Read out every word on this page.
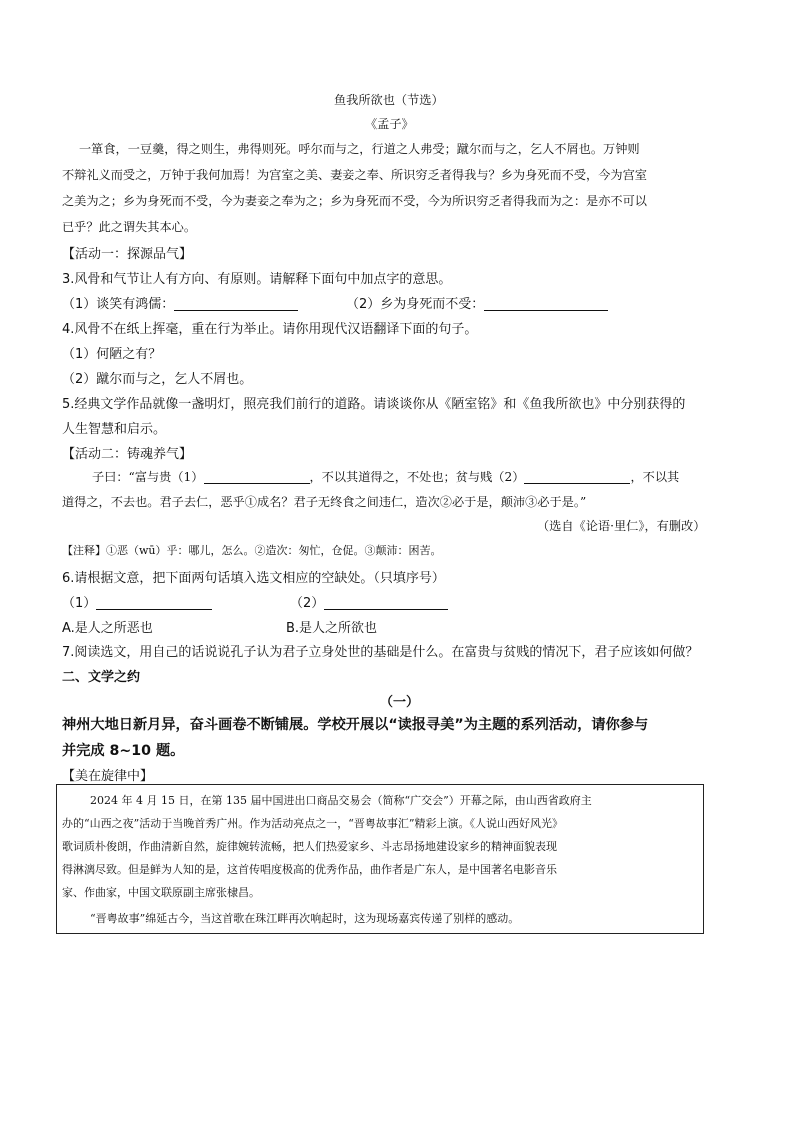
鱼我所欲也（节选）
《孟子》
一箪食，一豆羹，得之则生，弗得则死。呼尔而与之，行道之人弗受；蹴尔而与之，乞人不屑也。万钟则
不辩礼义而受之，万钟于我何加焉！为宫室之美、妻妾之奉、所识穷乏者得我与？乡为身死而不受，今为宫室
之美为之；乡为身死而不受，今为妻妾之奉为之；乡为身死而不受，今为所识穷乏者得我而为之：是亦不可以
已乎？此之谓失其本心。
【活动一：探源品气】
3.风骨和气节让人有方向、有原则。请解释下面句中加点字的意思。
（1）谈笑有鸿儒：	（2）乡为身死而不受：
4.风骨不在纸上挥毫，重在行为举止。请你用现代汉语翻译下面的句子。
（1）何陋之有？
（2）蹴尔而与之，乞人不屑也。
5.经典文学作品就像一盏明灯，照亮我们前行的道路。请谈谈你从《陋室铭》和《鱼我所欲也》中分别获得的
人生智慧和启示。
【活动二：铸魂养气】
子曰：“富与贵（1）	，不以其道得之，不处也；贫与贱（2）	，不以其
道得之，不去也。君子去仁，恶乎①成名？君子无终食之间违仁，造次②必于是，颠沛③必于是。”
（选自《论语·里仁》，有删改）
【注释】①恶（wū）乎：哪儿，怎么。②造次：匆忙，仓促。③颠沛：困苦。
6.请根据文意，把下面两句话填入选文相应的空缺处。（只填序号）
（1）	（2）
A.是人之所恶也	B.是人之所欲也
7.阅读选文，用自己的话说说孔子认为君子立身处世的基础是什么。在富贵与贫贱的情况下，君子应该如何做？
二、文学之约
（一）
神州大地日新月异，奋斗画卷不断铺展。学校开展以“读报寻美”为主题的系列活动，请你参与
并完成 8~10 题。
【美在旋律中】
2024 年 4 月 15 日，在第 135 届中国进出口商品交易会（简称“广交会”）开幕之际，由山西省政府主
办的“山西之夜”活动于当晚首秀广州。作为活动亮点之一，“晋粤故事汇”精彩上演。《人说山西好风光》
歌词质朴俊朗，作曲清新自然，旋律婉转流畅，把人们热爱家乡、斗志昂扬地建设家乡的精神面貌表现
得淋漓尽致。但是鲜为人知的是，这首传唱度极高的优秀作品，曲作者是广东人，是中国著名电影音乐
家、作曲家，中国文联原副主席张棣昌。
“晋粤故事”绵延古今，当这首歌在珠江畔再次响起时，这为现场嘉宾传递了别样的感动。
